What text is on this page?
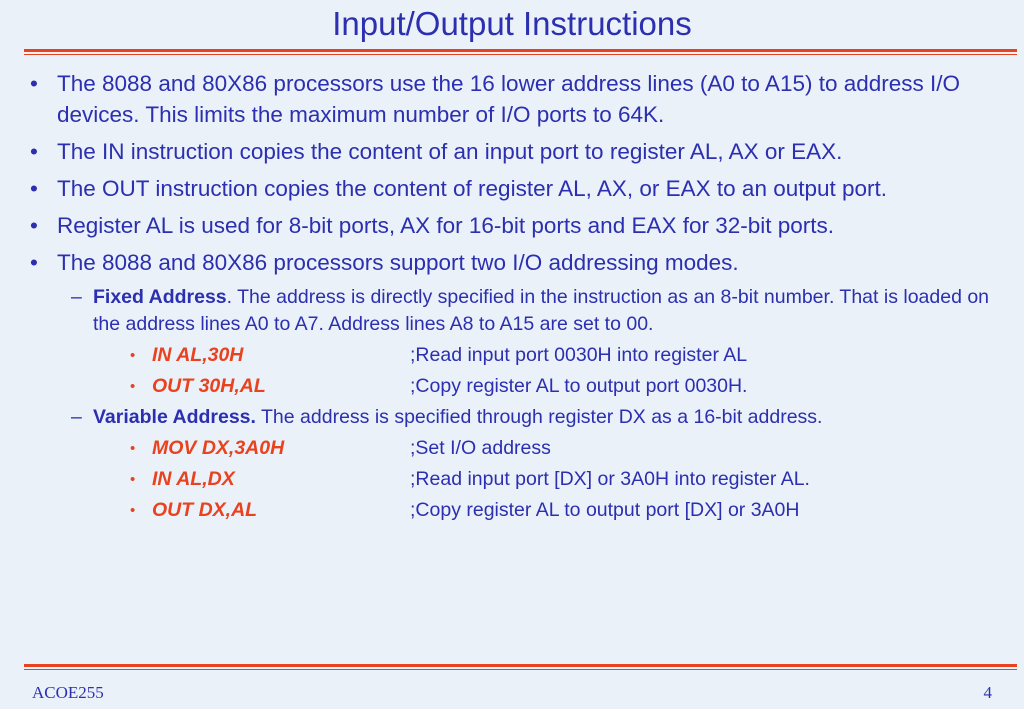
Input/Output Instructions
• The 8088 and 80X86 processors use the 16 lower address lines (A0 to A15) to address I/O devices. This limits the maximum number of I/O ports to 64K.
• The IN instruction copies the content of an input port to register AL, AX or EAX.
• The OUT instruction copies the content of register AL, AX, or EAX to an output port.
• Register AL is used for 8-bit ports, AX for 16-bit ports and EAX for 32-bit ports.
• The 8088 and 80X86 processors support two I/O addressing modes.
– Fixed Address. The address is directly specified in the instruction as an 8-bit number. That is loaded on the address lines A0 to A7. Address lines A8 to A15 are set to 00.
• IN AL,30H	;Read input port 0030H into register AL
• OUT 30H,AL	;Copy register AL to output port 0030H.
– Variable Address. The address is specified through register DX as a 16-bit address.
• MOV DX,3A0H	;Set I/O address
• IN AL,DX	;Read input port [DX] or 3A0H into register AL.
• OUT DX,AL	;Copy register AL to output port [DX] or 3A0H
ACOE255	4
